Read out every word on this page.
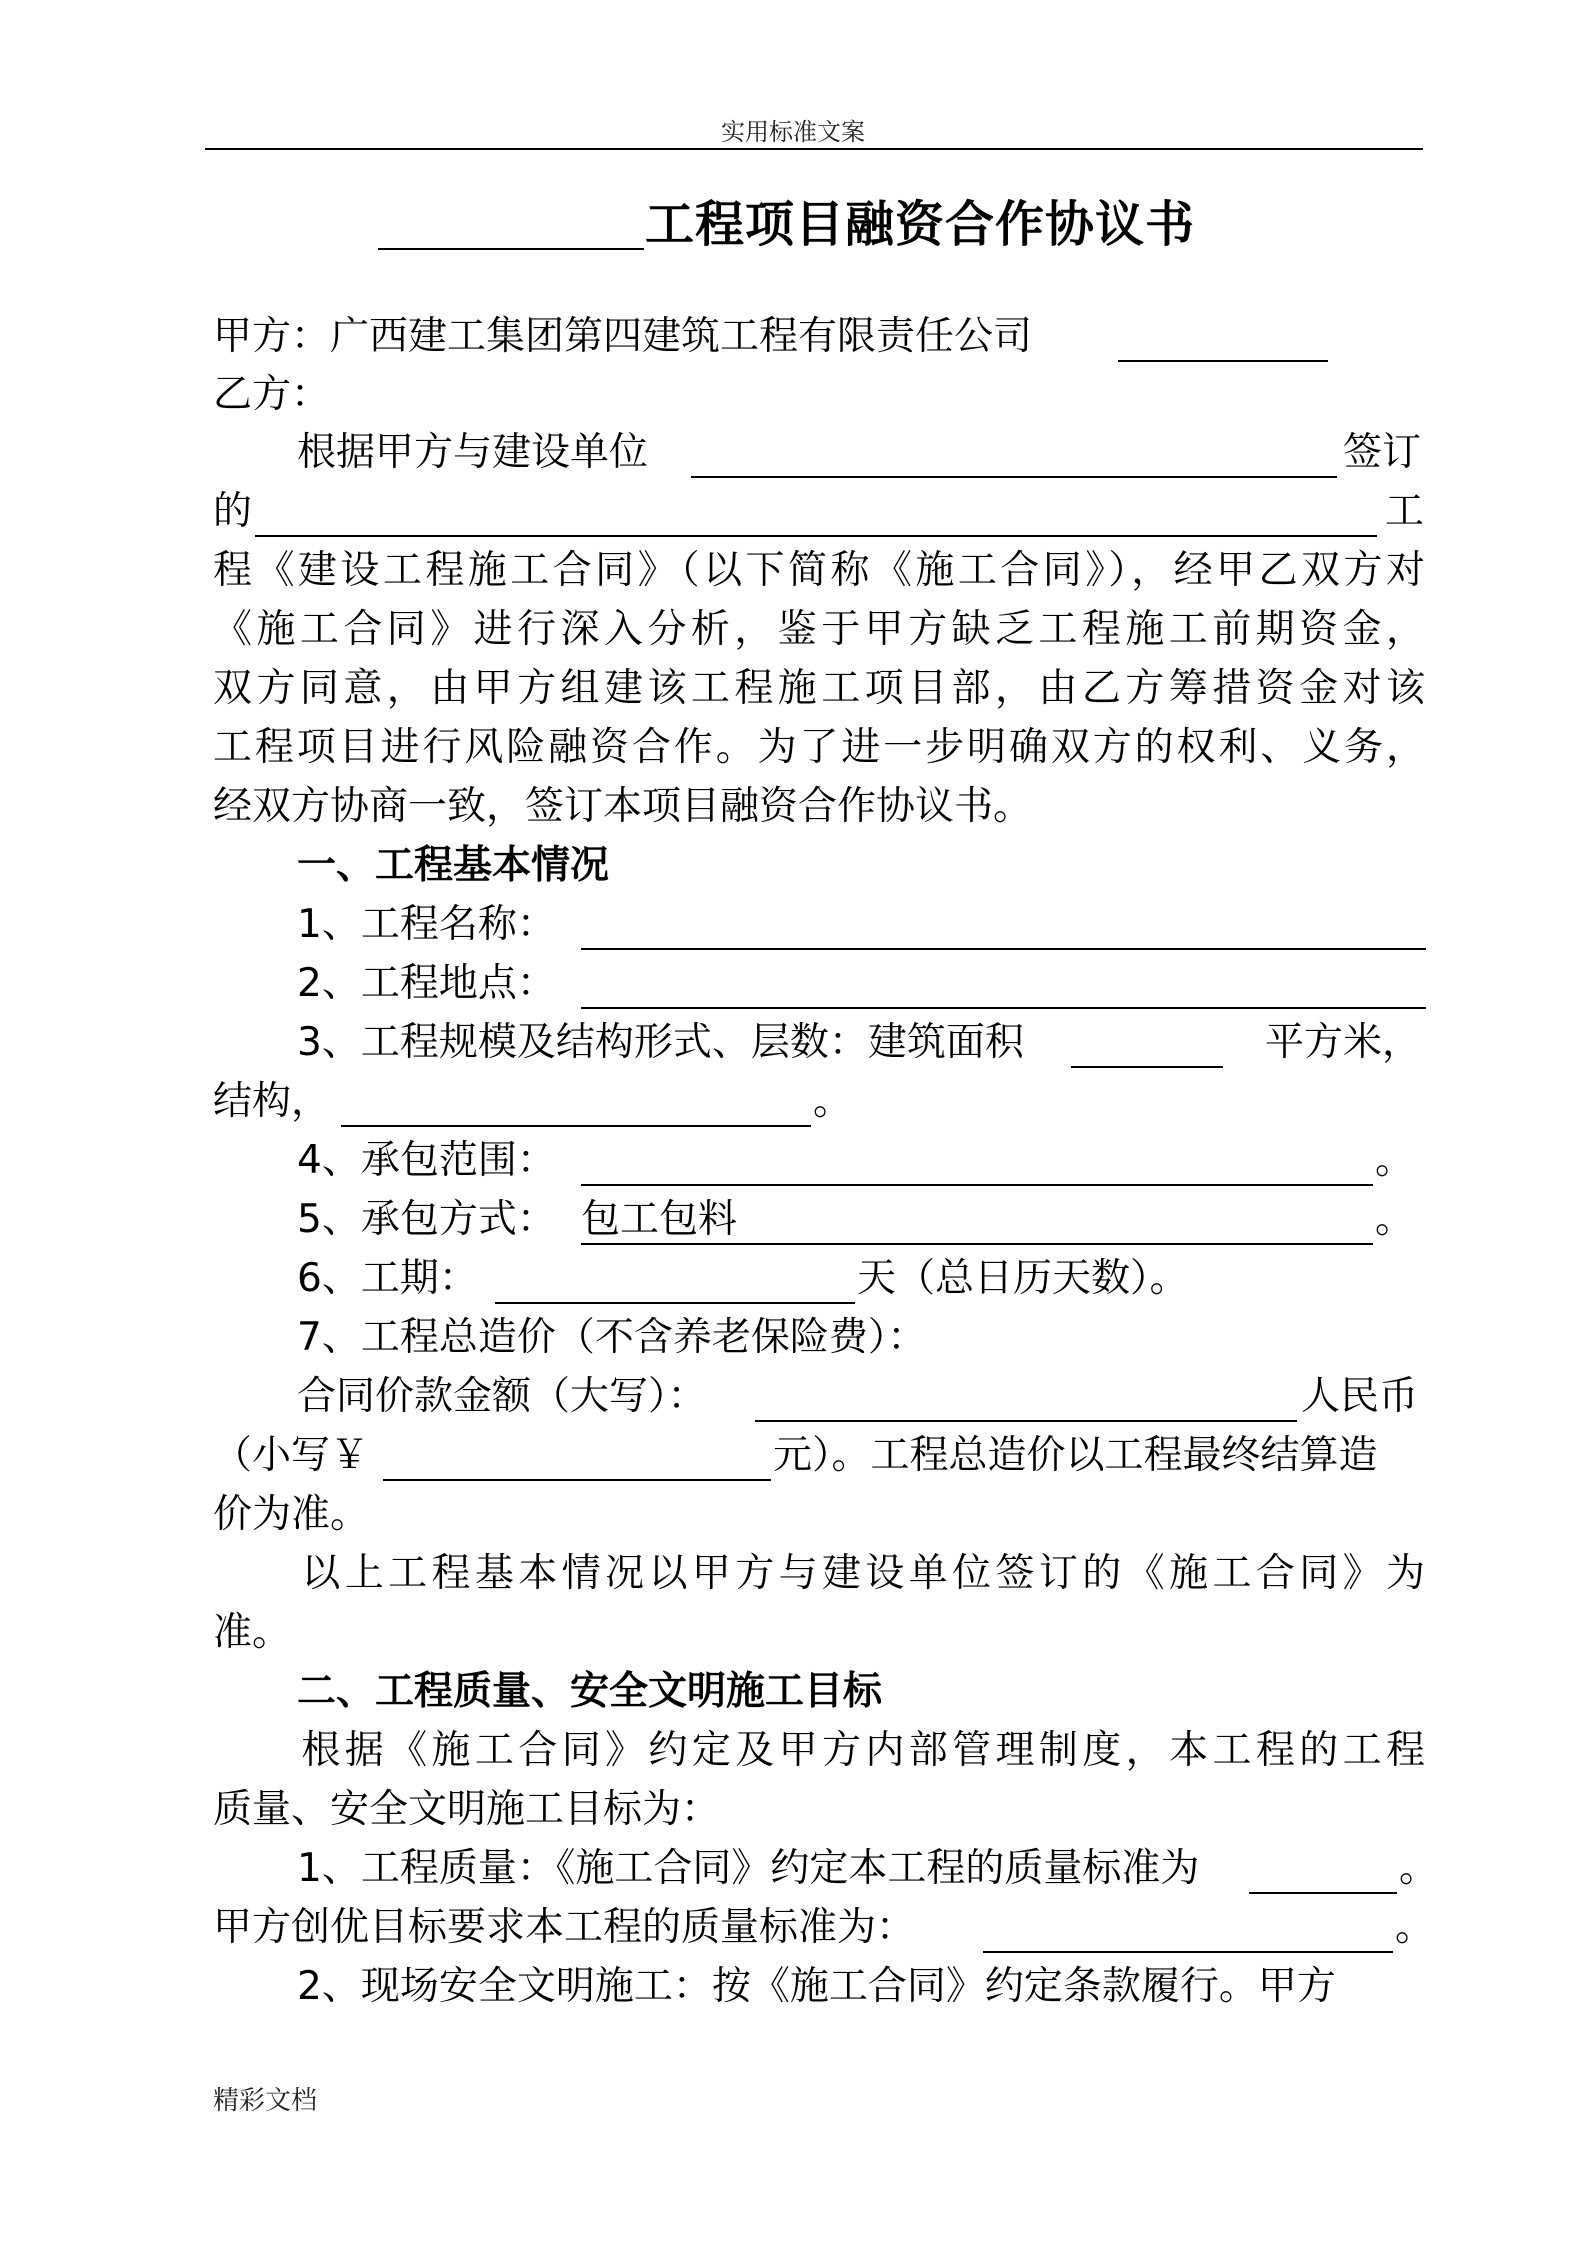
实用标准文案
工程项目融资合作协议书
甲方：广西建工集团第四建筑工程有限责任公司
乙方：
根据甲方与建设单位	签订
的	工
程《建设工程施工合同》（以下简称《施工合同》），经甲乙双方对
《施工合同》进行深入分析，鉴于甲方缺乏工程施工前期资金，
双方同意，由甲方组建该工程施工项目部，由乙方筹措资金对该
工程项目进行风险融资合作。为了进一步明确双方的权利、义务，
经双方协商一致，签订本项目融资合作协议书。
一、工程基本情况
1、工程名称：
2、工程地点：
3、工程规模及结构形式、层数：建筑面积	平方米，
结构，	。
4、承包范围：	。
5、承包方式： 包工包料	。
6、工期：	天（总日历天数）。
7、工程总造价（不含养老保险费）：
合同价款金额（大写）：	人民币
（小写￥	元）。工程总造价以工程最终结算造
价为准。
以上工程基本情况以甲方与建设单位签订的《施工合同》为
准。
二、工程质量、安全文明施工目标
根据《施工合同》约定及甲方内部管理制度，本工程的工程
质量、安全文明施工目标为：
1、工程质量：《施工合同》约定本工程的质量标准为	。
甲方创优目标要求本工程的质量标准为：	。
2、现场安全文明施工：按《施工合同》约定条款履行。甲方
精彩文档
